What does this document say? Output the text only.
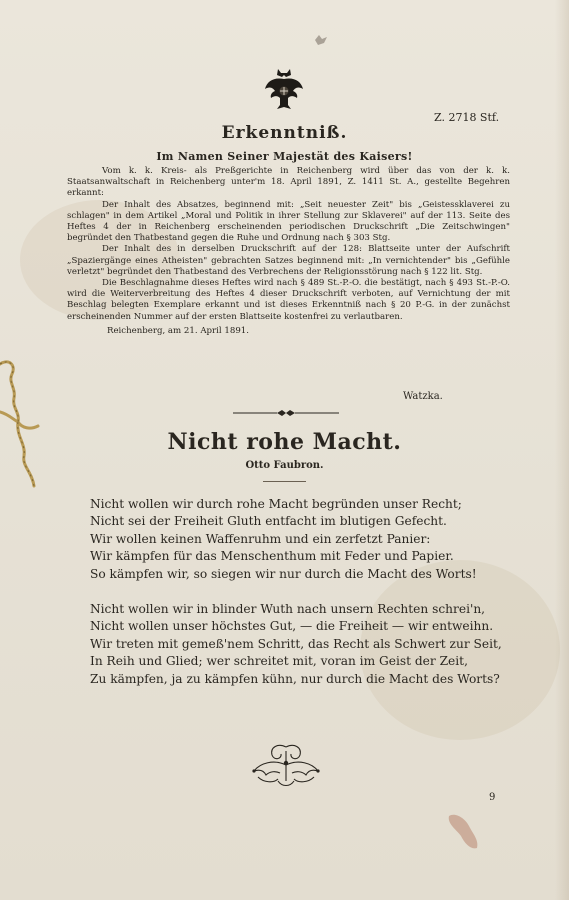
Z. 2718 Stf.
Erkenntniß.
Im Namen Seiner Majestät des Kaisers!

Vom k. k. Kreis- als Preßgerichte in Reichenberg wird über das von der k. k. Staatsanwaltschaft in Reichenberg unter'm 18. April 1891, Z. 1411 St. A., gestellte Begehren erkannt:

Der Inhalt des Absatzes, beginnend mit: „Seit neuester Zeit" bis „Geistessklaverei zu schlagen" in dem Artikel „Moral und Politik in ihrer Stellung zur Sklaverei" auf der 113. Seite des Heftes 4 der in Reichenberg erscheinenden periodischen Druckschrift „Die Zeitschwingen" begründet den Thatbestand gegen die Ruhe und Ordnung nach § 303 Stg.

Der Inhalt des in derselben Druckschrift auf der 128: Blattseite unter der Aufschrift „Spaziergänge eines Atheisten" gebrachten Satzes beginnend mit: „In vernichtender" bis „Gefühle verletzt" begründet den Thatbestand des Verbrechens der Religionsstörung nach § 122 lit. Stg.

Die Beschlagnahme dieses Heftes wird nach § 489 St.-P.-O. die bestätigt, nach § 493 St.-P.-O. wird die Weiterverbreitung des Heftes 4 dieser Druckschrift verboten, auf Vernichtung der mit Beschlag belegten Exemplare erkannt und ist dieses Erkenntniß nach § 20 P.-G. in der zunächst erscheinenden Nummer auf der ersten Blattseite kostenfrei zu verlautbaren.

Reichenberg, am 21. April 1891.

Watzka.
Nicht rohe Macht.
Otto Faubron.
Nicht wollen wir durch rohe Macht begründen unser Recht;
Nicht sei der Freiheit Gluth entfacht im blutigen Gefecht.
Wir wollen keinen Waffenruhm und ein zerfetzt Panier:
Wir kämpfen für das Menschenthum mit Feder und Papier.
So kämpfen wir, so siegen wir nur durch die Macht des Worts!
Nicht wollen wir in blinder Wuth nach unsern Rechten schrei'n,
Nicht wollen unser höchstes Gut, — die Freiheit — wir entweihn.
Wir treten mit gemeß'nem Schritt, das Recht als Schwert zur Seit,
In Reih und Glied; wer schreitet mit, voran im Geist der Zeit,
Zu kämpfen, ja zu kämpfen kühn, nur durch die Macht des Worts?
9
